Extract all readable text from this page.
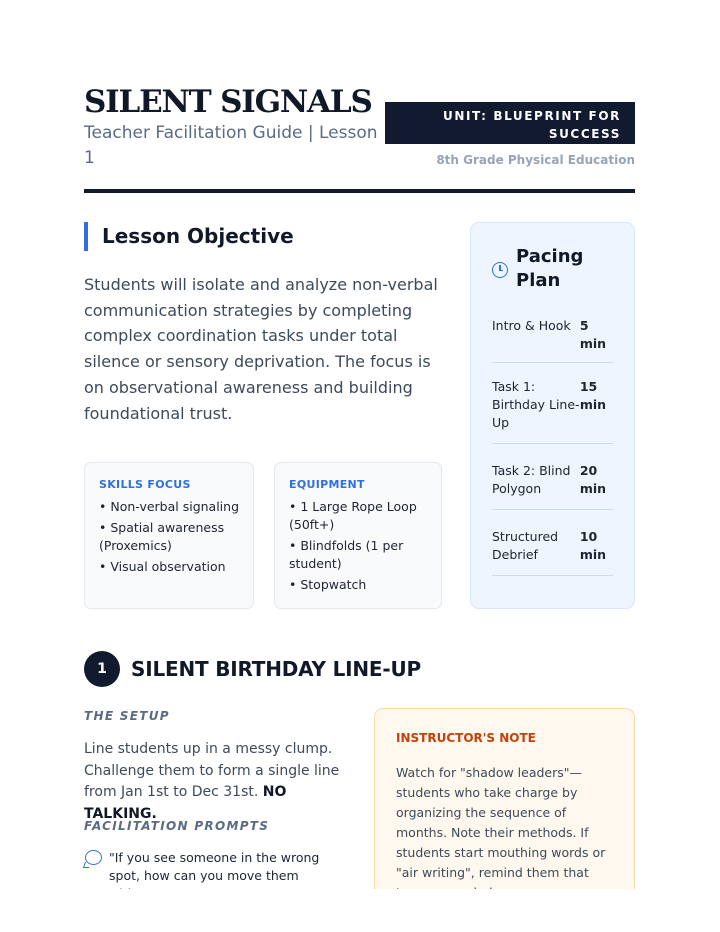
SILENT SIGNALS
Teacher Facilitation Guide | Lesson 1
UNIT: BLUEPRINT FOR SUCCESS
8th Grade Physical Education
Lesson Objective
Students will isolate and analyze non-verbal communication strategies by completing complex coordination tasks under total silence or sensory deprivation. The focus is on observational awareness and building foundational trust.
SKILLS FOCUS
• Non-verbal signaling
• Spatial awareness (Proxemics)
• Visual observation
EQUIPMENT
• 1 Large Rope Loop (50ft+)
• Blindfolds (1 per student)
• Stopwatch
Pacing Plan
Intro & Hook 5 min
Task 1: Birthday Line-Up
15 min
Task 2: Blind Polygon
20 min
Structured Debrief
10 min
1	SILENT BIRTHDAY LINE-UP
THE SETUP
Line students up in a messy clump. Challenge them to form a single line from Jan 1st to Dec 31st. NO TALKING.
FACILITATION PROMPTS
"If you see someone in the wrong spot, how can you move them
INSTRUCTOR'S NOTE
Watch for "shadow leaders"—students who take charge by organizing the sequence of months. Note their methods. If students start mouthing words or "air writing", remind them that
